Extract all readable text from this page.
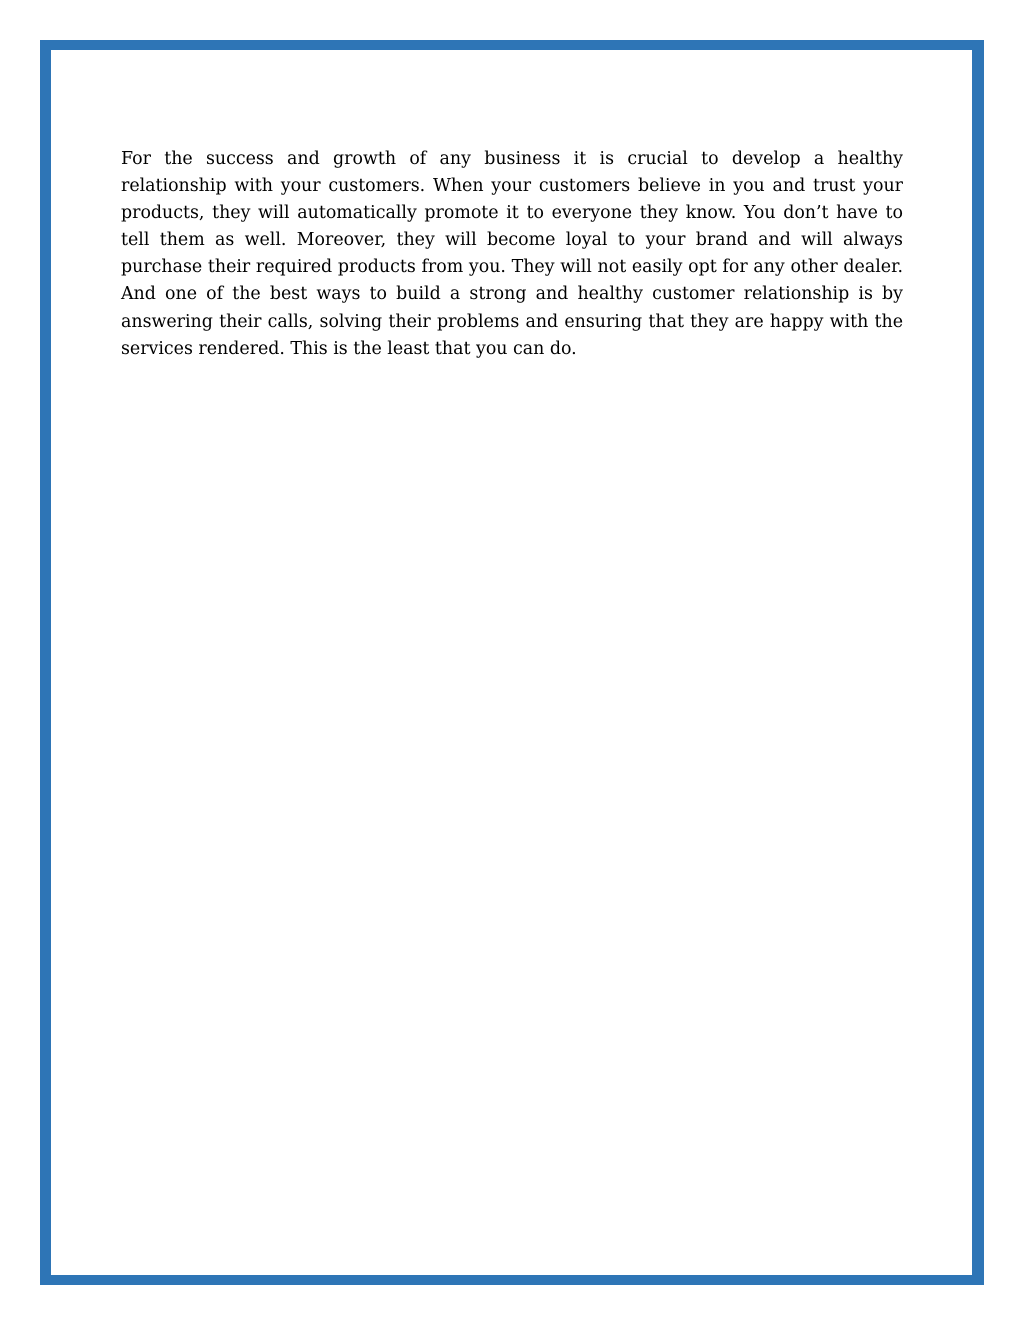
For the success and growth of any business it is crucial to develop a healthy relationship with your customers. When your customers believe in you and trust your products, they will automatically promote it to everyone they know. You don’t have to tell them as well. Moreover, they will become loyal to your brand and will always purchase their required products from you. They will not easily opt for any other dealer. And one of the best ways to build a strong and healthy customer relationship is by answering their calls, solving their problems and ensuring that they are happy with the services rendered. This is the least that you can do.
